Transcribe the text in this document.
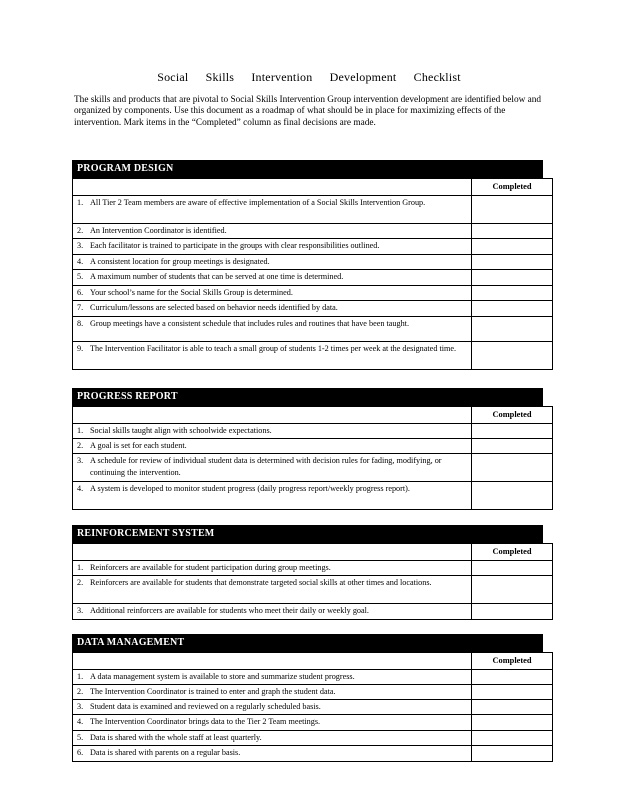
Social Skills Intervention Development Checklist
The skills and products that are pivotal to Social Skills Intervention Group intervention development are identified below and organized by components. Use this document as a roadmap of what should be in place for maximizing effects of the intervention. Mark items in the “Completed” column as final decisions are made.
PROGRAM DESIGN
	Completed
1. All Tier 2 Team members are aware of effective implementation of a Social Skills Intervention Group.	
2. An Intervention Coordinator is identified.	
3. Each facilitator is trained to participate in the groups with clear responsibilities outlined.	
4. A consistent location for group meetings is designated.	
5. A maximum number of students that can be served at one time is determined.	
6. Your school’s name for the Social Skills Group is determined.	
7. Curriculum/lessons are selected based on behavior needs identified by data.	
8. Group meetings have a consistent schedule that includes rules and routines that have been taught.	
9. The Intervention Facilitator is able to teach a small group of students 1-2 times per week at the designated time.	
PROGRESS REPORT
	Completed
1. Social skills taught align with schoolwide expectations.	
2. A goal is set for each student.	
3. A schedule for review of individual student data is determined with decision rules for fading, modifying, or continuing the intervention.	
4. A system is developed to monitor student progress (daily progress report/weekly progress report).	
REINFORCEMENT SYSTEM
	Completed
1. Reinforcers are available for student participation during group meetings.	
2. Reinforcers are available for students that demonstrate targeted social skills at other times and locations.	
3. Additional reinforcers are available for students who meet their daily or weekly goal.	
DATA MANAGEMENT
	Completed
1. A data management system is available to store and summarize student progress.	
2. The Intervention Coordinator is trained to enter and graph the student data.	
3. Student data is examined and reviewed on a regularly scheduled basis.	
4. The Intervention Coordinator brings data to the Tier 2 Team meetings.	
5. Data is shared with the whole staff at least quarterly.	
6. Data is shared with parents on a regular basis.	
